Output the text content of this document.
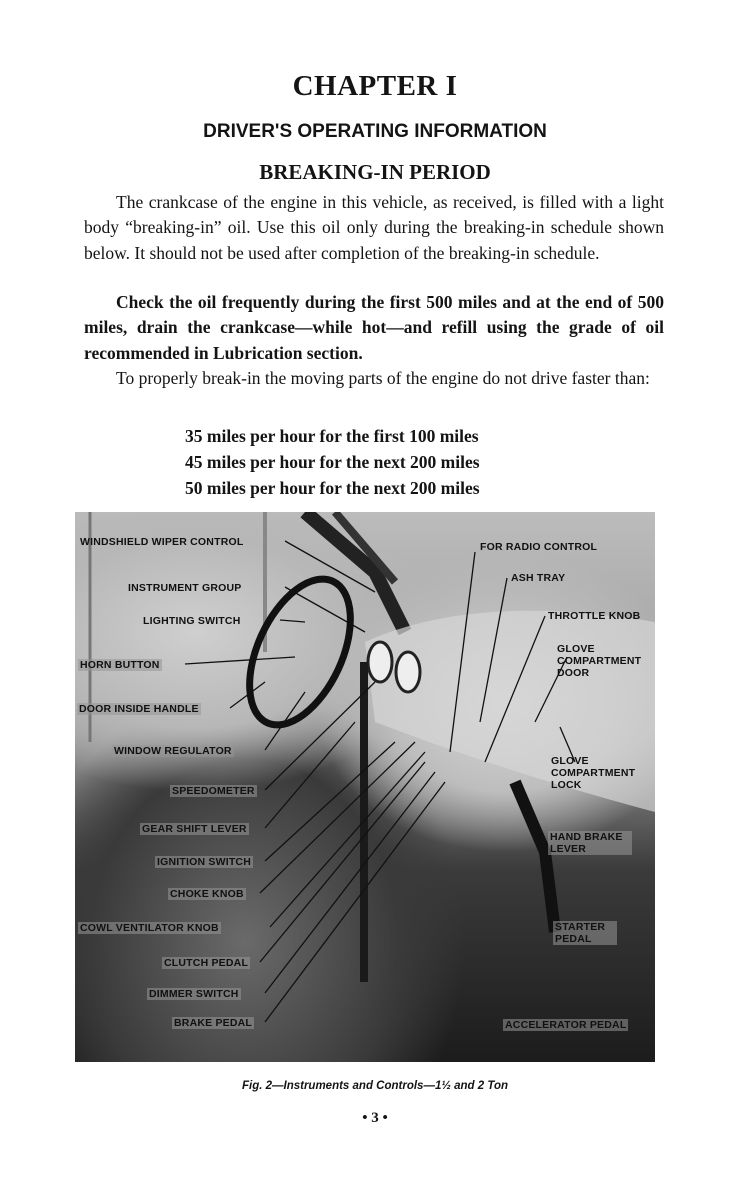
CHAPTER I
DRIVER'S OPERATING INFORMATION
BREAKING-IN PERIOD

The crankcase of the engine in this vehicle, as received, is filled with a light body “breaking-in” oil. Use this oil only during the breaking-in schedule shown below. It should not be used after completion of the breaking-in schedule.

Check the oil frequently during the first 500 miles and at the end of 500 miles, drain the crankcase—while hot—and refill using the grade of oil recommended in Lubrication section.

To properly break-in the moving parts of the engine do not drive faster than:

35 miles per hour for the first 100 miles
45 miles per hour for the next 200 miles
50 miles per hour for the next 200 miles
WINDSHIELD WIPER CONTROL
INSTRUMENT GROUP
LIGHTING SWITCH
HORN BUTTON
DOOR INSIDE HANDLE
WINDOW REGULATOR
SPEEDOMETER
GEAR SHIFT LEVER
IGNITION SWITCH
CHOKE KNOB
COWL VENTILATOR KNOB
CLUTCH PEDAL
DIMMER SWITCH
BRAKE PEDAL
FOR RADIO CONTROL
ASH TRAY
THROTTLE KNOB
GLOVE COMPARTMENT DOOR
GLOVE COMPARTMENT LOCK
HAND BRAKE LEVER
STARTER PEDAL
ACCELERATOR PEDAL
Fig. 2—Instruments and Controls—1½ and 2 Ton
• 3 •
